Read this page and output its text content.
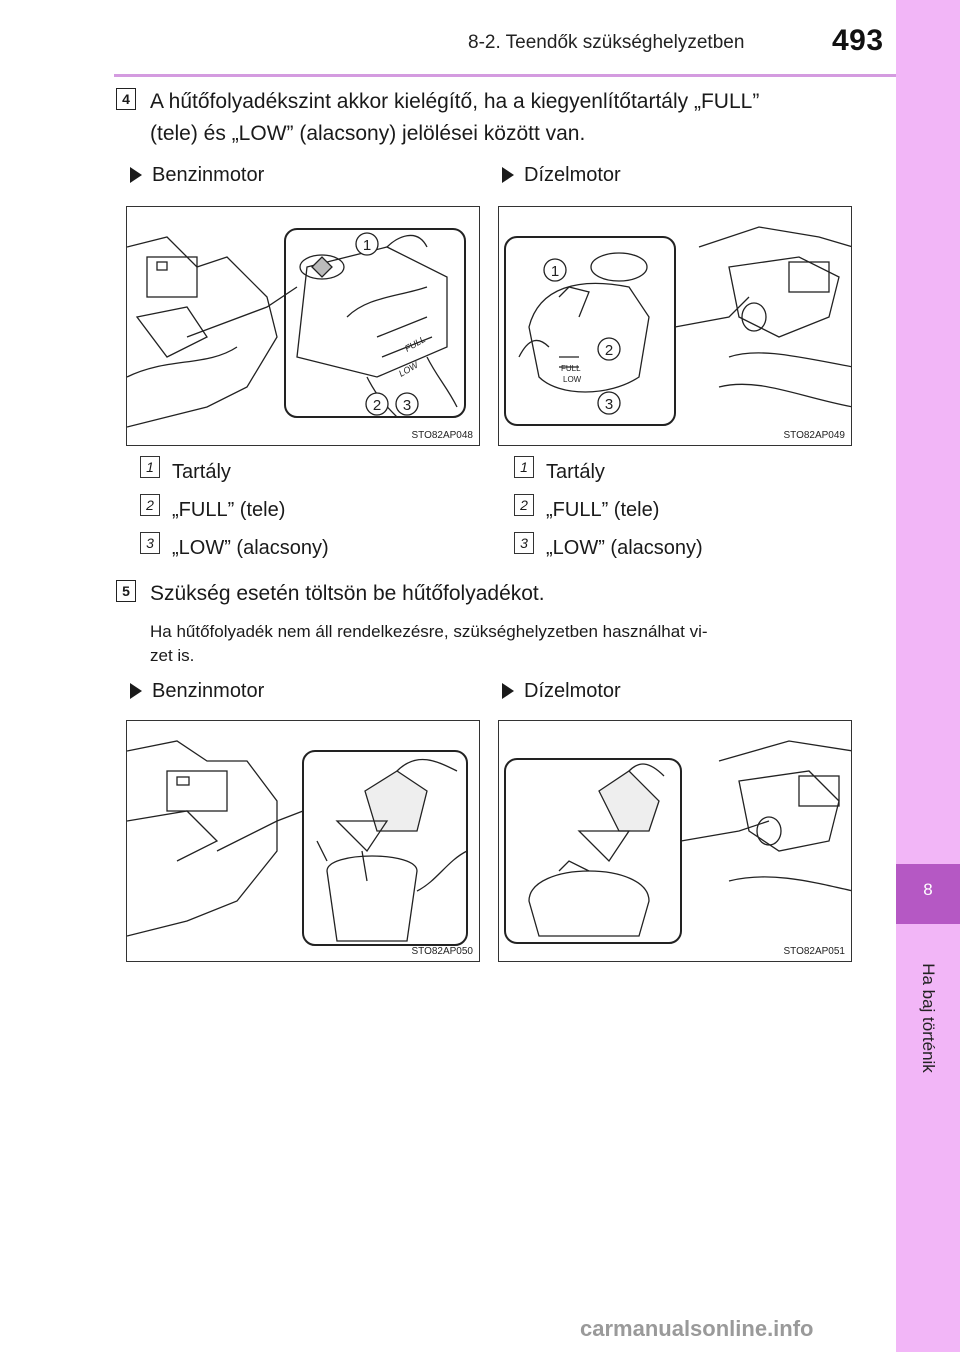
8-2. Teendők szükséghelyzetben	493
8
Ha baj történik
4 A hűtőfolyadékszint akkor kielégítő, ha a kiegyenlítőtartály „FULL”
(tele) és „LOW” (alacsony) jelölései között van.
Benzinmotor	Dízelmotor
1
2 3
FULL
LOW
STO82AP048
1
2
3
FULL
LOW
STO82AP049
1 Tartály
2 „FULL” (tele)
3 „LOW” (alacsony)
1 Tartály
2 „FULL” (tele)
3 „LOW” (alacsony)
5 Szükség esetén töltsön be hűtőfolyadékot.
Ha hűtőfolyadék nem áll rendelkezésre, szükséghelyzetben használhat vi-
zet is.
Benzinmotor	Dízelmotor
STO82AP050	STO82AP051
carmanualsonline.info
